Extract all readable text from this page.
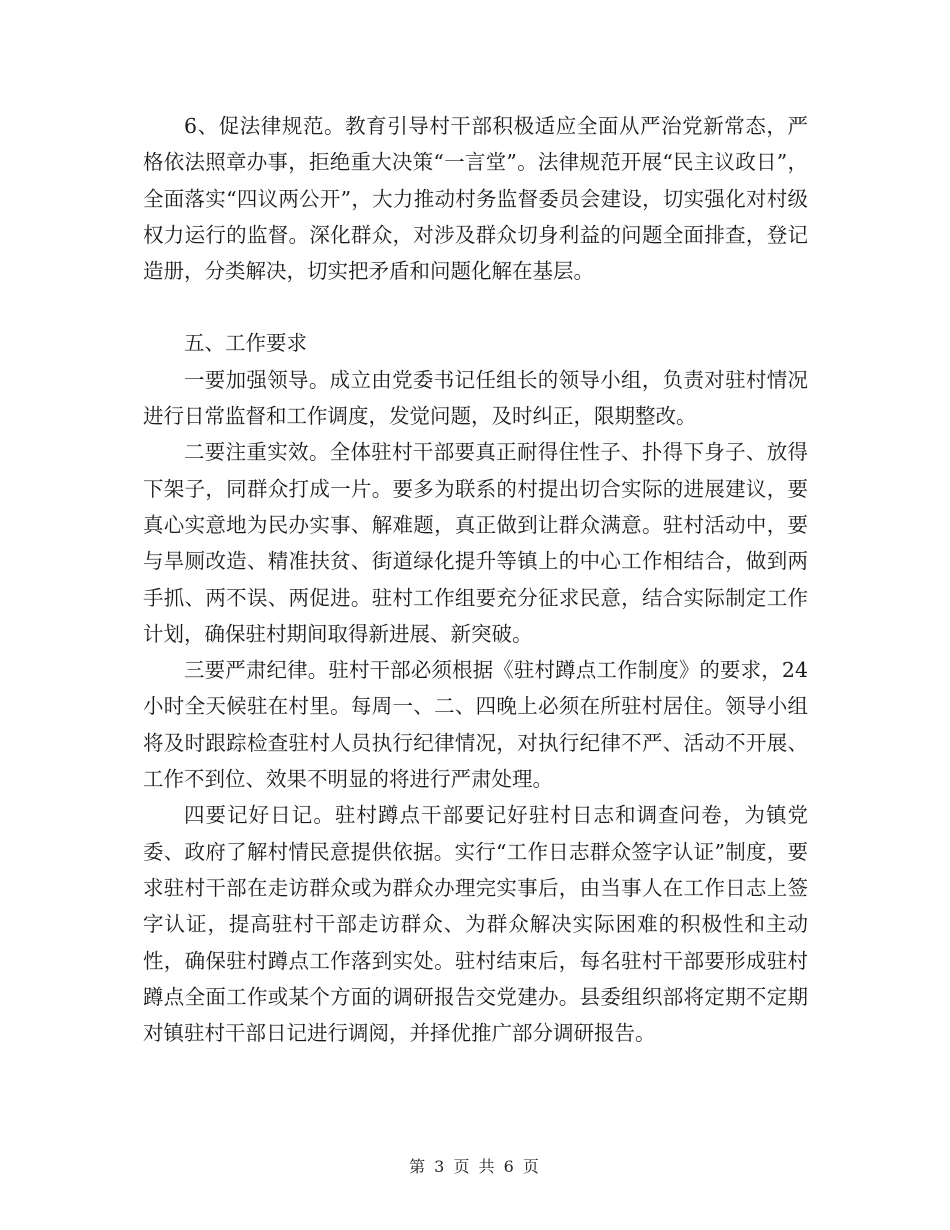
6、促法律规范。教育引导村干部积极适应全面从严治党新常态，严格依法照章办事，拒绝重大决策“一言堂”。法律规范开展“民主议政日”，全面落实“四议两公开”，大力推动村务监督委员会建设，切实强化对村级权力运行的监督。深化群众，对涉及群众切身利益的问题全面排查，登记造册，分类解决，切实把矛盾和问题化解在基层。

五、工作要求

一要加强领导。成立由党委书记任组长的领导小组，负责对驻村情况进行日常监督和工作调度，发觉问题，及时纠正，限期整改。

二要注重实效。全体驻村干部要真正耐得住性子、扑得下身子、放得下架子，同群众打成一片。要多为联系的村提出切合实际的进展建议，要真心实意地为民办实事、解难题，真正做到让群众满意。驻村活动中，要与旱厕改造、精准扶贫、街道绿化提升等镇上的中心工作相结合，做到两手抓、两不误、两促进。驻村工作组要充分征求民意，结合实际制定工作计划，确保驻村期间取得新进展、新突破。

三要严肃纪律。驻村干部必须根据《驻村蹲点工作制度》的要求，24小时全天候驻在村里。每周一、二、四晚上必须在所驻村居住。领导小组将及时跟踪检查驻村人员执行纪律情况，对执行纪律不严、活动不开展、工作不到位、效果不明显的将进行严肃处理。

四要记好日记。驻村蹲点干部要记好驻村日志和调查问卷，为镇党委、政府了解村情民意提供依据。实行“工作日志群众签字认证”制度，要求驻村干部在走访群众或为群众办理完实事后，由当事人在工作日志上签字认证，提高驻村干部走访群众、为群众解决实际困难的积极性和主动性，确保驻村蹲点工作落到实处。驻村结束后，每名驻村干部要形成驻村蹲点全面工作或某个方面的调研报告交党建办。县委组织部将定期不定期对镇驻村干部日记进行调阅，并择优推广部分调研报告。

第 3 页 共 6 页
